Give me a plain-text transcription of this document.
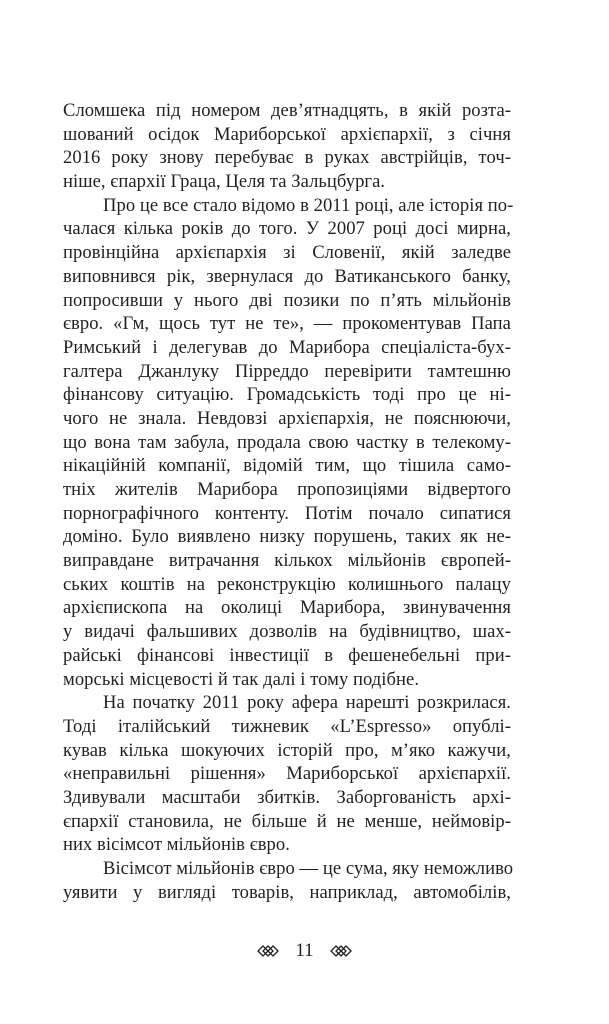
Сломшека під номером дев’ятнадцять, в якій розта-
шований осідок Мариборської архієпархії, з січня
2016 року знову перебуває в руках австрійців, точ-
ніше, єпархії Граца, Целя та Зальцбурга.
Про це все стало відомо в 2011 році, але історія по-
чалася кілька років до того. У 2007 році досі мирна,
провінційна архієпархія зі Словенії, якій заледве
виповнився рік, звернулася до Ватиканського банку,
попросивши у нього дві позики по п’ять мільйонів
євро. «Гм, щось тут не те», — прокоментував Папа
Римський і делегував до Марибора спеціаліста-бух-
галтера Джанлуку Пірреддо перевірити тамтешню
фінансову ситуацію. Громадськість тоді про це ні-
чого не знала. Невдовзі архієпархія, не пояснюючи,
що вона там забула, продала свою частку в телекому-
нікаційній компанії, відомій тим, що тішила само-
тніх жителів Марибора пропозиціями відвертого
порнографічного контенту. Потім почало сипатися
доміно. Було виявлено низку порушень, таких як не-
виправдане витрачання кількох мільйонів європей-
ських коштів на реконструкцію колишнього палацу
архієпископа на околиці Марибора, звинувачення
у видачі фальшивих дозволів на будівництво, шах-
райські фінансові інвестиції в фешенебельні при-
морські місцевості й так далі і тому подібне.
На початку 2011 року афера нарешті розкрилася.
Тоді італійський тижневик «L’Espresso» опублі-
кував кілька шокуючих історій про, м’яко кажучи,
«неправильні рішення» Мариборської архієпархії.
Здивували масштаби збитків. Заборгованість архі-
єпархії становила, не більше й не менше, неймовір-
них вісімсот мільйонів євро.
Вісімсот мільйонів євро — це сума, яку неможливо
уявити у вигляді товарів, наприклад, автомобілів,
11
